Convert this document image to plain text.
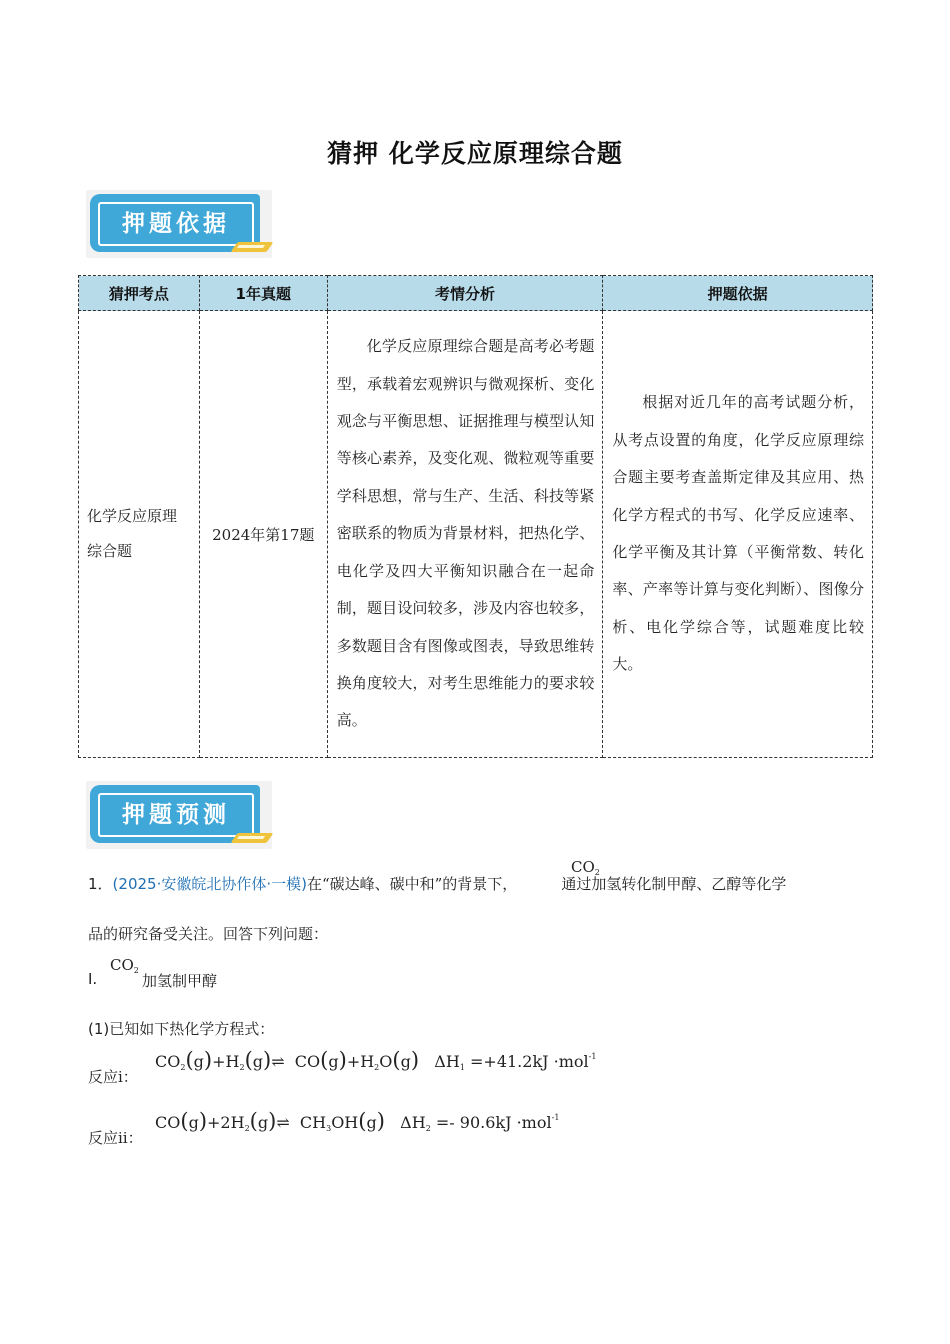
猜押 化学反应原理综合题
押题依据
猜押考点	1年真题	考情分析	押题依据
化学反应原理综合题	2024年第17题	化学反应原理综合题是高考必考题型，承载着宏观辨识与微观探析、变化观念与平衡思想、证据推理与模型认知等核心素养，及变化观、微粒观等重要学科思想，常与生产、生活、科技等紧密联系的物质为背景材料，把热化学、电化学及四大平衡知识融合在一起命制，题目设问较多，涉及内容也较多，多数题目含有图像或图表，导致思维转换角度较大，对考生思维能力的要求较高。	根据对近几年的高考试题分析，从考点设置的角度，化学反应原理综合题主要考查盖斯定律及其应用、热化学方程式的书写、化学反应速率、化学平衡及其计算（平衡常数、转化率、产率等计算与变化判断）、图像分析、电化学综合等，试题难度比较大。
押题预测
1．(2025·安徽皖北协作体·一模)在“碳达峰、碳中和”的背景下，	通过加氢转化制甲醇、乙醇等化学
$CO_2$
品的研究备受关注。回答下列问题：
Ⅰ.
$CO_2$
加氢制甲醇
(1)已知如下热化学方程式：
反应ⅰ：
$CO_2(g)+H_2(g)\rightleftharpoons$  $CO(g)+H_2O(g)$   $\Delta H_1 =+41.2kJ \cdot mol^{-1}$
反应ⅱ：
$CO(g)+2H_2(g)\rightleftharpoons$  $CH_3OH(g) \Delta H_2 =- 90.6kJ \cdot mol^{-1}$
